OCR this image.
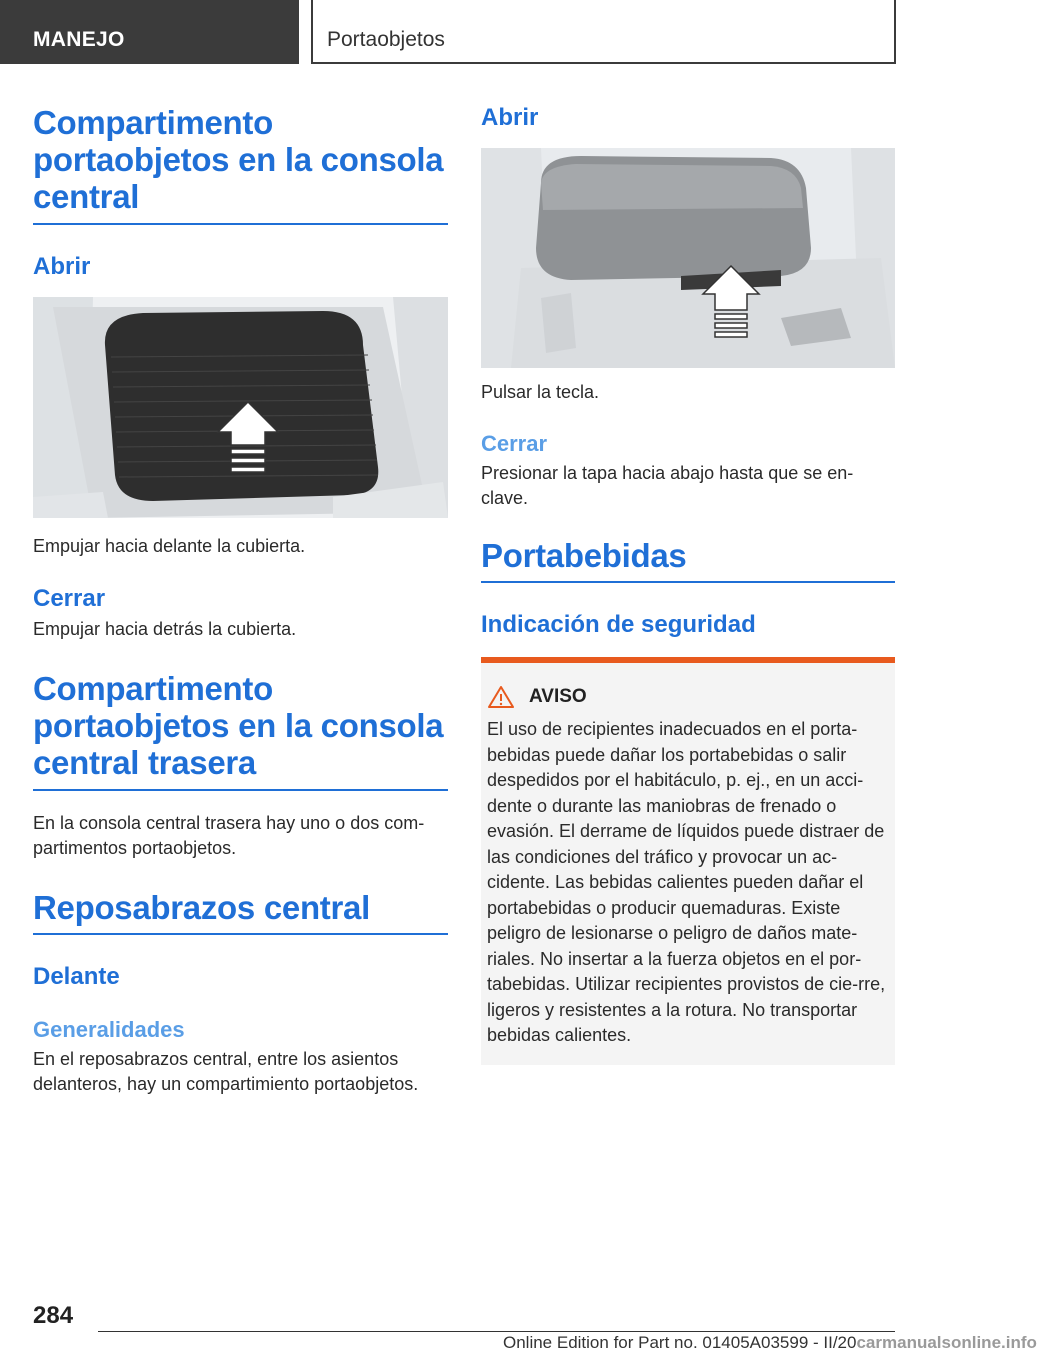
MANEJO	Portaobjetos
Compartimento portaobjetos en la consola central
Abrir

Empujar hacia delante la cubierta.

Cerrar

Empujar hacia detrás la cubierta.

Compartimento portaobjetos en la consola central trasera

En la consola central trasera hay uno o dos com-partimentos portaobjetos.

Reposabrazos central
Delante
Generalidades

En el reposabrazos central, entre los asientos delanteros, hay un compartimiento portaobjetos.

Abrir

Pulsar la tecla.

Cerrar

Presionar la tapa hacia abajo hasta que se en-clave.

Portabebidas
Indicación de seguridad
AVISO

El uso de recipientes inadecuados en el porta-bebidas puede dañar los portabebidas o salir despedidos por el habitáculo, p. ej., en un acci-dente o durante las maniobras de frenado o evasión. El derrame de líquidos puede distraer de las condiciones del tráfico y provocar un ac-cidente. Las bebidas calientes pueden dañar el portabebidas o producir quemaduras. Existe peligro de lesionarse o peligro de daños mate-riales. No insertar a la fuerza objetos en el por-tabebidas. Utilizar recipientes provistos de cie-rre, ligeros y resistentes a la rotura. No transportar bebidas calientes.

284
Online Edition for Part no. 01405A03599 - II/20carmanualsonline.info
